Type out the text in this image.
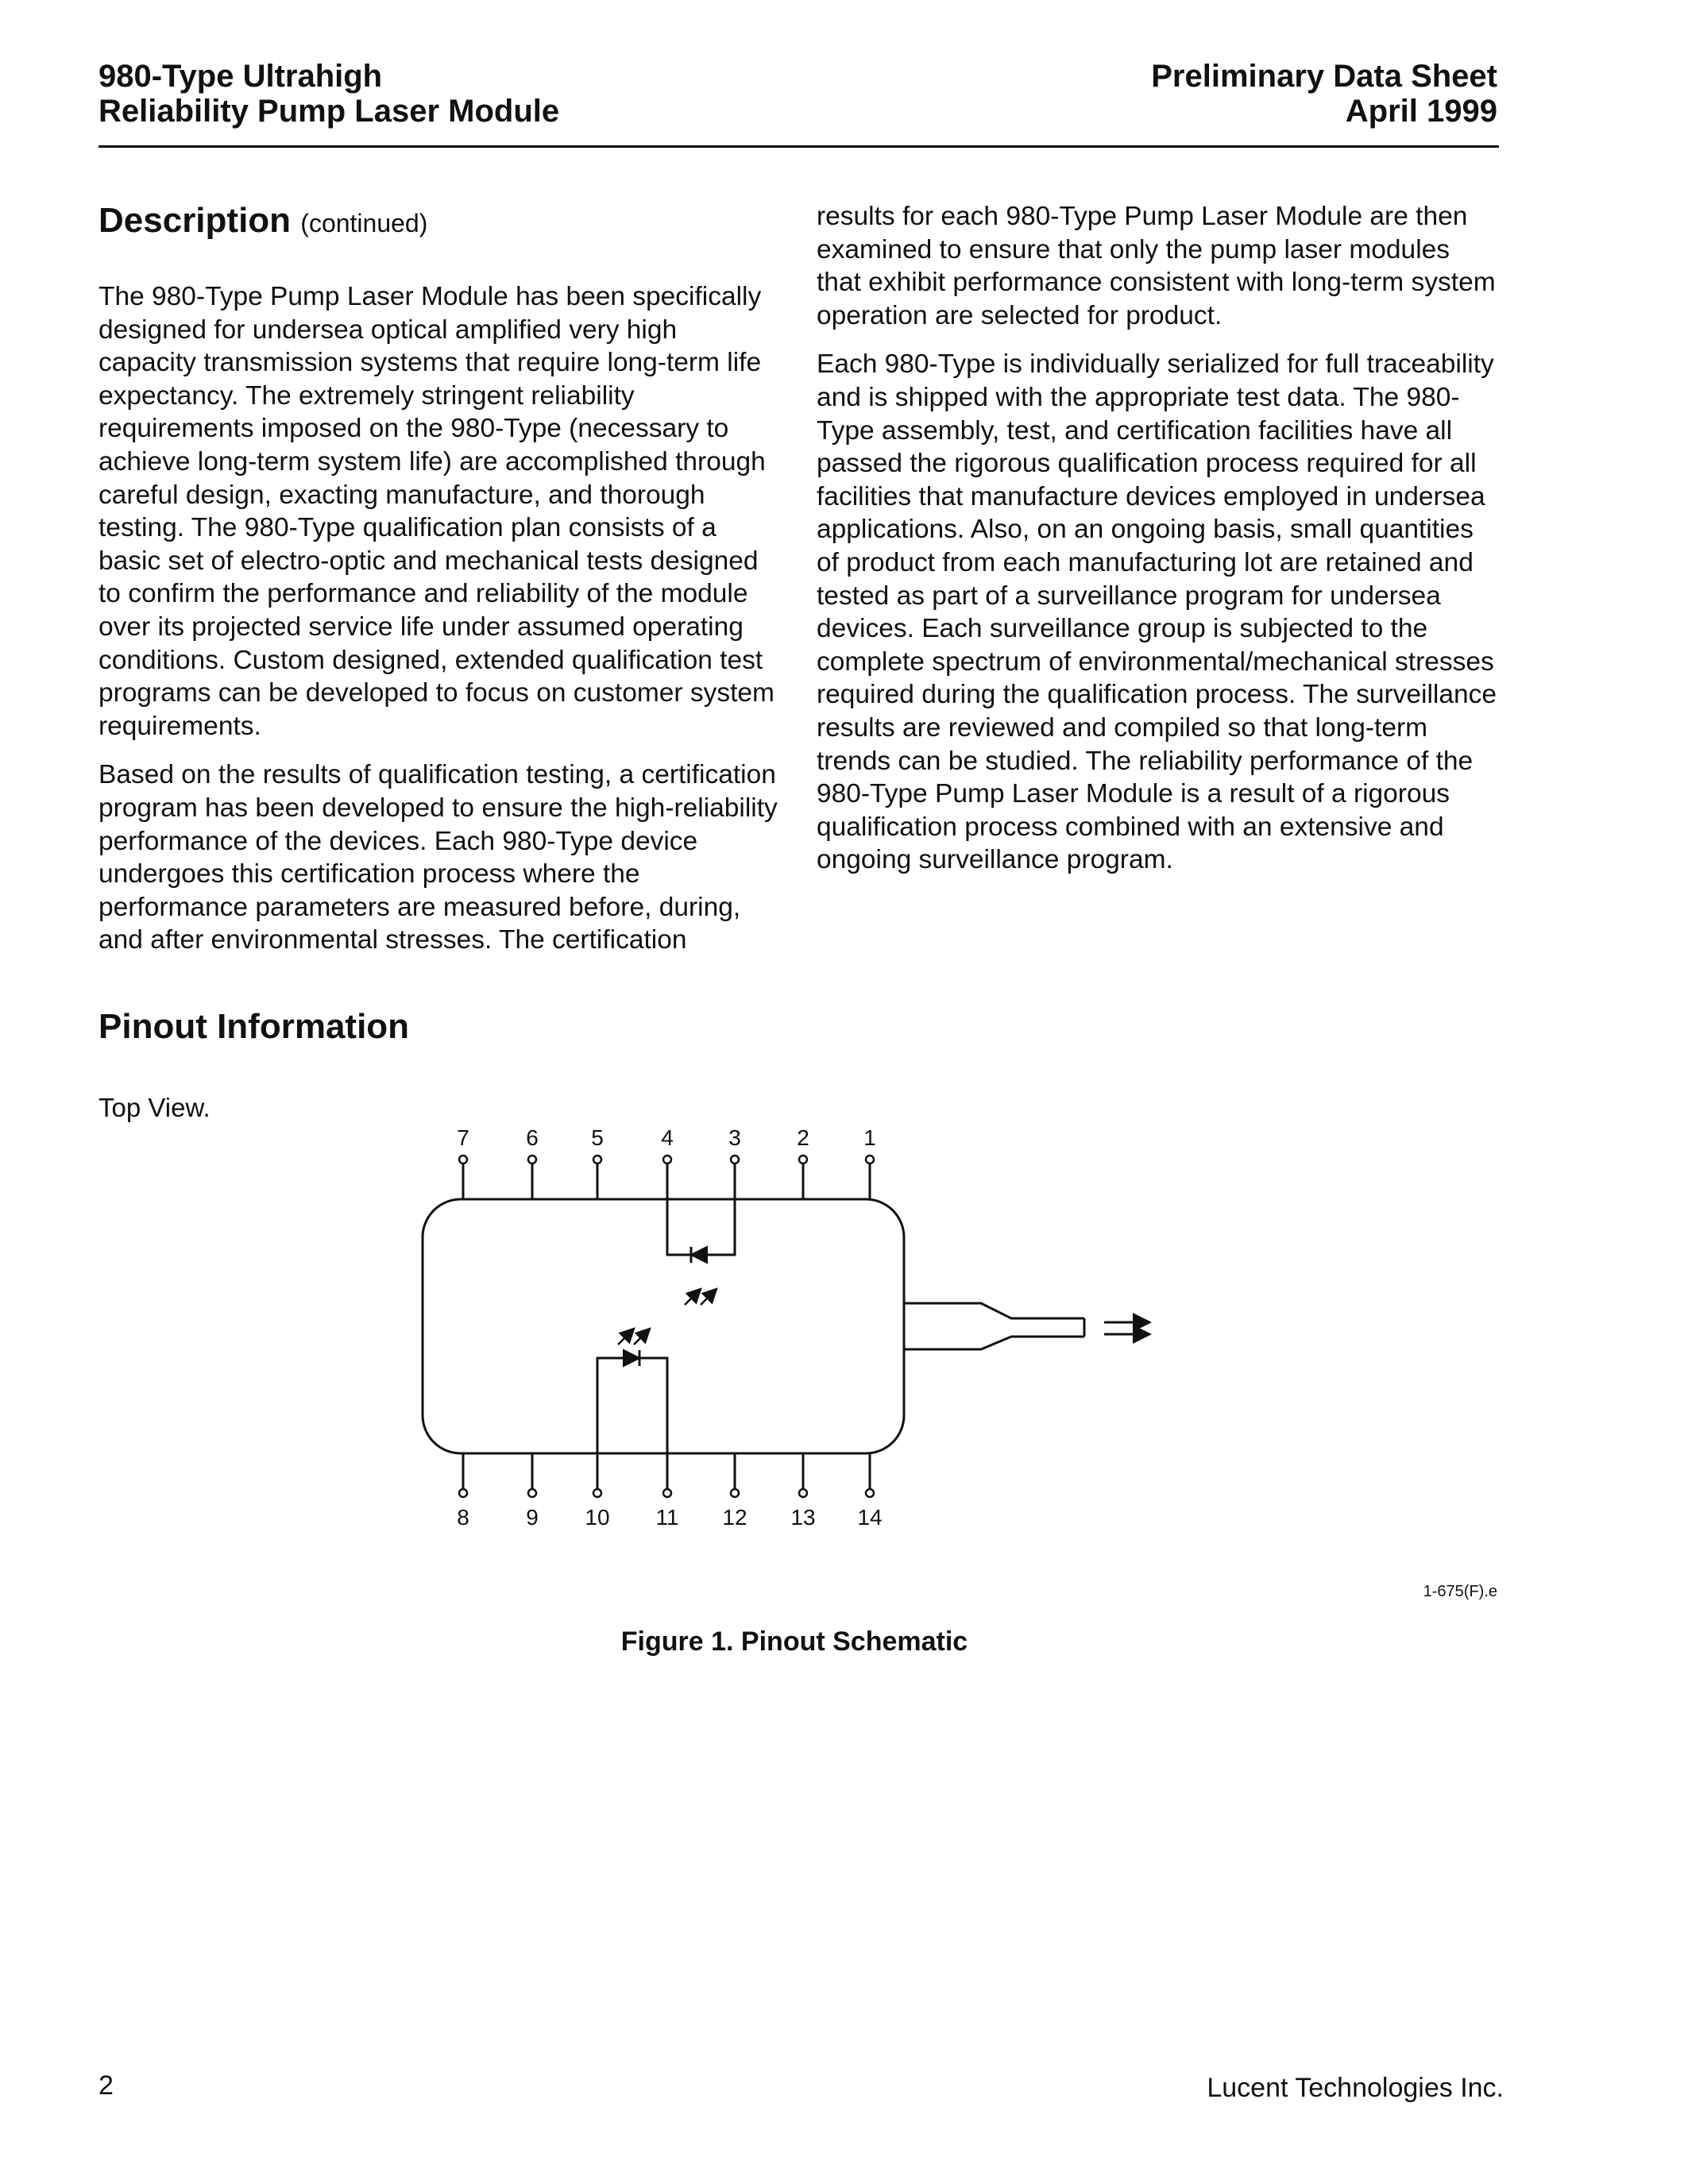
980-Type Ultrahigh
Reliability Pump Laser Module
Preliminary Data Sheet
April 1999
Description (continued)

The 980-Type Pump Laser Module has been specifically designed for undersea optical amplified very high capacity transmission systems that require long-term life expectancy. The extremely stringent reliability requirements imposed on the 980-Type (necessary to achieve long-term system life) are accomplished through careful design, exacting manufacture, and thorough testing. The 980-Type qualification plan consists of a basic set of electro-optic and mechanical tests designed to confirm the performance and reliability of the module over its projected service life under assumed operating conditions. Custom designed, extended qualification test programs can be developed to focus on customer system requirements.

Based on the results of qualification testing, a certification program has been developed to ensure the high-reliability performance of the devices. Each 980-Type device undergoes this certification process where the performance parameters are measured before, during, and after environmental stresses. The certification

results for each 980-Type Pump Laser Module are then examined to ensure that only the pump laser modules that exhibit performance consistent with long-term system operation are selected for product.

Each 980-Type is individually serialized for full traceability and is shipped with the appropriate test data. The 980-Type assembly, test, and certification facilities have all passed the rigorous qualification process required for all facilities that manufacture devices employed in undersea applications. Also, on an ongoing basis, small quantities of product from each manufacturing lot are retained and tested as part of a surveillance program for undersea devices. Each surveillance group is subjected to the complete spectrum of environmental/mechanical stresses required during the qualification process. The surveillance results are reviewed and compiled so that long-term trends can be studied. The reliability performance of the 980-Type Pump Laser Module is a result of a rigorous qualification process combined with an extensive and ongoing surveillance program.

Pinout Information
Top View.
7	6 5	4 3	2 1
8	9 10 11 12 13 14
1-675(F).e
Figure 1. Pinout Schematic
2	Lucent Technologies Inc.
